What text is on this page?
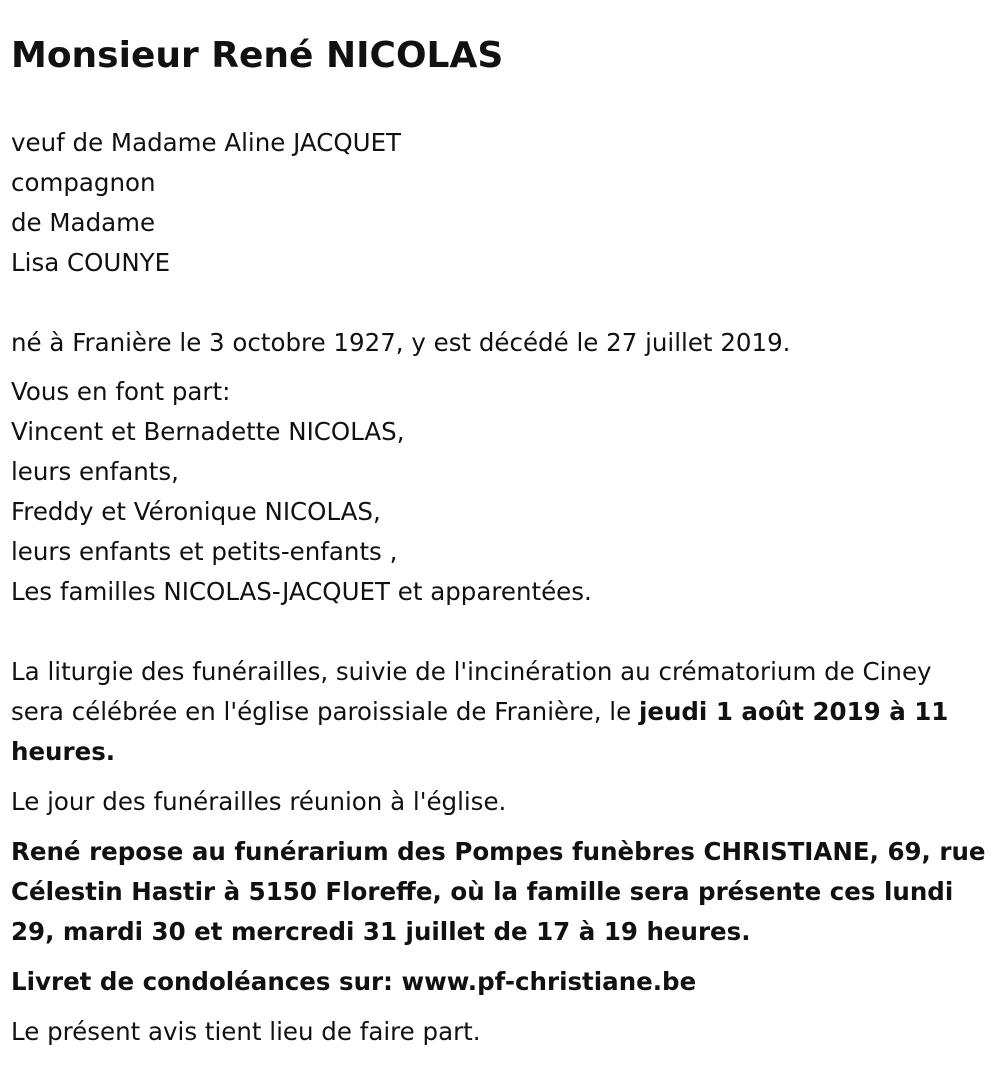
Monsieur René NICOLAS
veuf de Madame Aline JACQUET
compagnon
de Madame
Lisa COUNYE
né à Franière le 3 octobre 1927, y est décédé le 27 juillet 2019.
Vous en font part:
Vincent et Bernadette NICOLAS,
leurs enfants,
Freddy et Véronique NICOLAS,
leurs enfants et petits-enfants ,
Les familles NICOLAS-JACQUET et apparentées.
La liturgie des funérailles, suivie de l'incinération au crématorium de Ciney sera célébrée en l'église paroissiale de Franière, le jeudi 1 août 2019 à 11 heures.
Le jour des funérailles réunion à l'église.
René repose au funérarium des Pompes funèbres CHRISTIANE, 69, rue Célestin Hastir à 5150 Floreffe, où la famille sera présente ces lundi 29, mardi 30 et mercredi 31 juillet de 17 à 19 heures.
Livret de condoléances sur: www.pf-christiane.be
Le présent avis tient lieu de faire part.
